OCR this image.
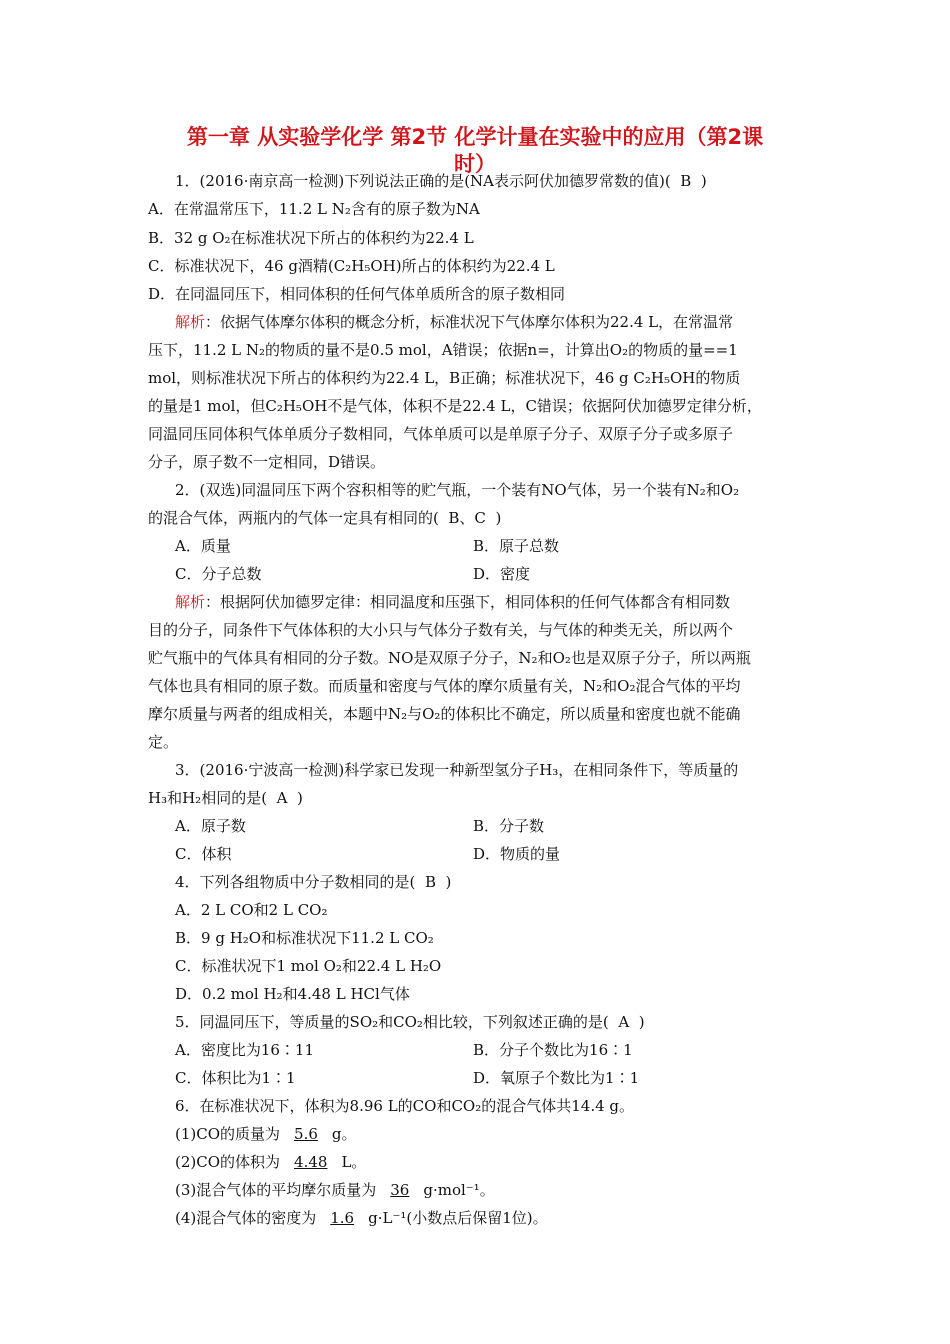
第一章 从实验学化学 第2节 化学计量在实验中的应用（第2课
时）
1．(2016·南京高一检测)下列说法正确的是(NA表示阿伏加德罗常数的值)( B  )
A．在常温常压下，11.2 L N₂含有的原子数为NA
B．32 g O₂在标准状况下所占的体积约为22.4 L
C．标准状况下，46 g酒精(C₂H₅OH)所占的体积约为22.4 L
D．在同温同压下，相同体积的任何气体单质所含的原子数相同
解析：依据气体摩尔体积的概念分析，标准状况下气体摩尔体积为22.4 L，在常温常
压下，11.2 L N₂的物质的量不是0.5 mol，A错误；依据n=，计算出O₂的物质的量==1
mol，则标准状况下所占的体积约为22.4 L，B正确；标准状况下，46 g C₂H₅OH的物质
的量是1 mol，但C₂H₅OH不是气体，体积不是22.4 L，C错误；依据阿伏加德罗定律分析，
同温同压同体积气体单质分子数相同，气体单质可以是单原子分子、双原子分子或多原子
分子，原子数不一定相同，D错误。
2．(双选)同温同压下两个容积相等的贮气瓶，一个装有NO气体，另一个装有N₂和O₂
的混合气体，两瓶内的气体一定具有相同的( B、C  )
A．质量	B．原子总数
C．分子总数	D．密度
解析：根据阿伏加德罗定律：相同温度和压强下，相同体积的任何气体都含有相同数
目的分子，同条件下气体体积的大小只与气体分子数有关，与气体的种类无关，所以两个
贮气瓶中的气体具有相同的分子数。NO是双原子分子，N₂和O₂也是双原子分子，所以两瓶
气体也具有相同的原子数。而质量和密度与气体的摩尔质量有关，N₂和O₂混合气体的平均
摩尔质量与两者的组成相关，本题中N₂与O₂的体积比不确定，所以质量和密度也就不能确
定。
3．(2016·宁波高一检测)科学家已发现一种新型氢分子H₃，在相同条件下，等质量的
H₃和H₂相同的是( A  )
A．原子数	B．分子数
C．体积	D．物质的量
4．下列各组物质中分子数相同的是( B  )
A．2 L CO和2 L CO₂
B．9 g H₂O和标准状况下11.2 L CO₂
C．标准状况下1 mol O₂和22.4 L H₂O
D．0.2 mol H₂和4.48 L HCl气体
5．同温同压下，等质量的SO₂和CO₂相比较，下列叙述正确的是( A  )
A．密度比为16∶11	B．分子个数比为16∶1
C．体积比为1∶1	D．氧原子个数比为1∶1
6．在标准状况下，体积为8.96 L的CO和CO₂的混合气体共14.4 g。
(1)CO的质量为 5.6 g。
(2)CO的体积为 4.48 L。
(3)混合气体的平均摩尔质量为 36 g·mol⁻¹。
(4)混合气体的密度为 1.6 g·L⁻¹(小数点后保留1位)。
